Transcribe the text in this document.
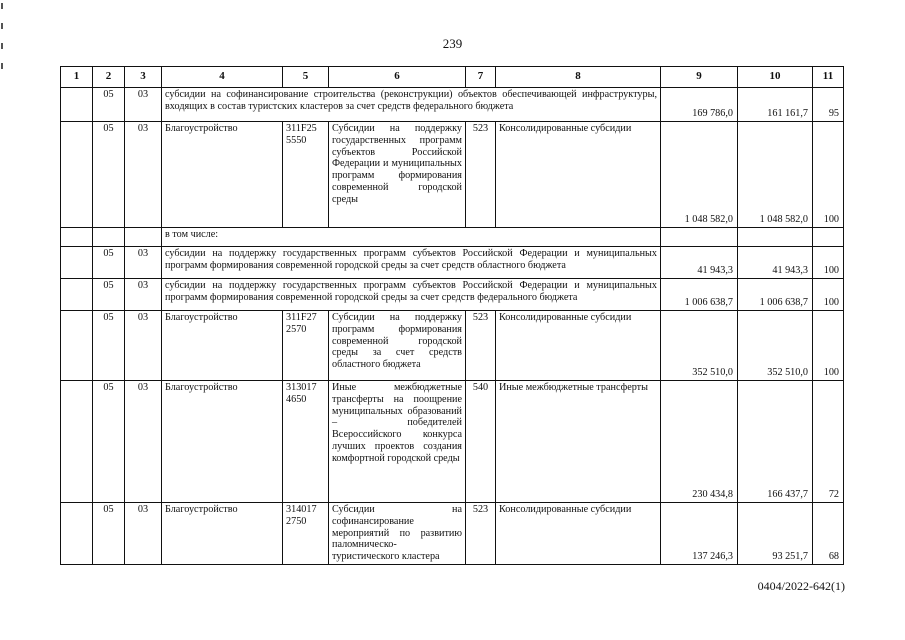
239
1	2	3	4	5	6	7	8	9	10	11
	05	03	субсидии на софинансирование строительства (реконструкции) объектов обеспечивающей инфраструктуры, входящих в состав туристских кластеров за счет средств федерального бюджета					169 786,0	161 161,7	95
	05	03	Благоустройство	311F25 5550	Субсидии на поддержку государственных программ субъектов Российской Федерации и муниципальных программ формирования современной городской среды	523	Консолидированные субсидии	1 048 582,0	1 048 582,0	100
			в том числе:							
	05	03	субсидии на поддержку государственных программ субъектов Российской Федерации и муниципальных программ формирования современной городской среды за счет средств областного бюджета					41 943,3	41 943,3	100
	05	03	субсидии на поддержку государственных программ субъектов Российской Федерации и муниципальных программ формирования современной городской среды за счет средств федерального бюджета					1 006 638,7	1 006 638,7	100
	05	03	Благоустройство	311F27 2570	Субсидии на поддержку программ формирования современной городской среды за счет средств областного бюджета	523	Консолидированные субсидии	352 510,0	352 510,0	100
	05	03	Благоустройство	313017 4650	Иные межбюджетные трансферты на поощрение муниципальных образований – победителей Всероссийского конкурса лучших проектов создания комфортной городской среды	540	Иные межбюджетные трансферты	230 434,8	166 437,7	72
	05	03	Благоустройство	314017 2750	Субсидии на софинансирование мероприятий по развитию паломническо-туристического кластера	523	Консолидированные субсидии	137 246,3	93 251,7	68
0404/2022-642(1)
